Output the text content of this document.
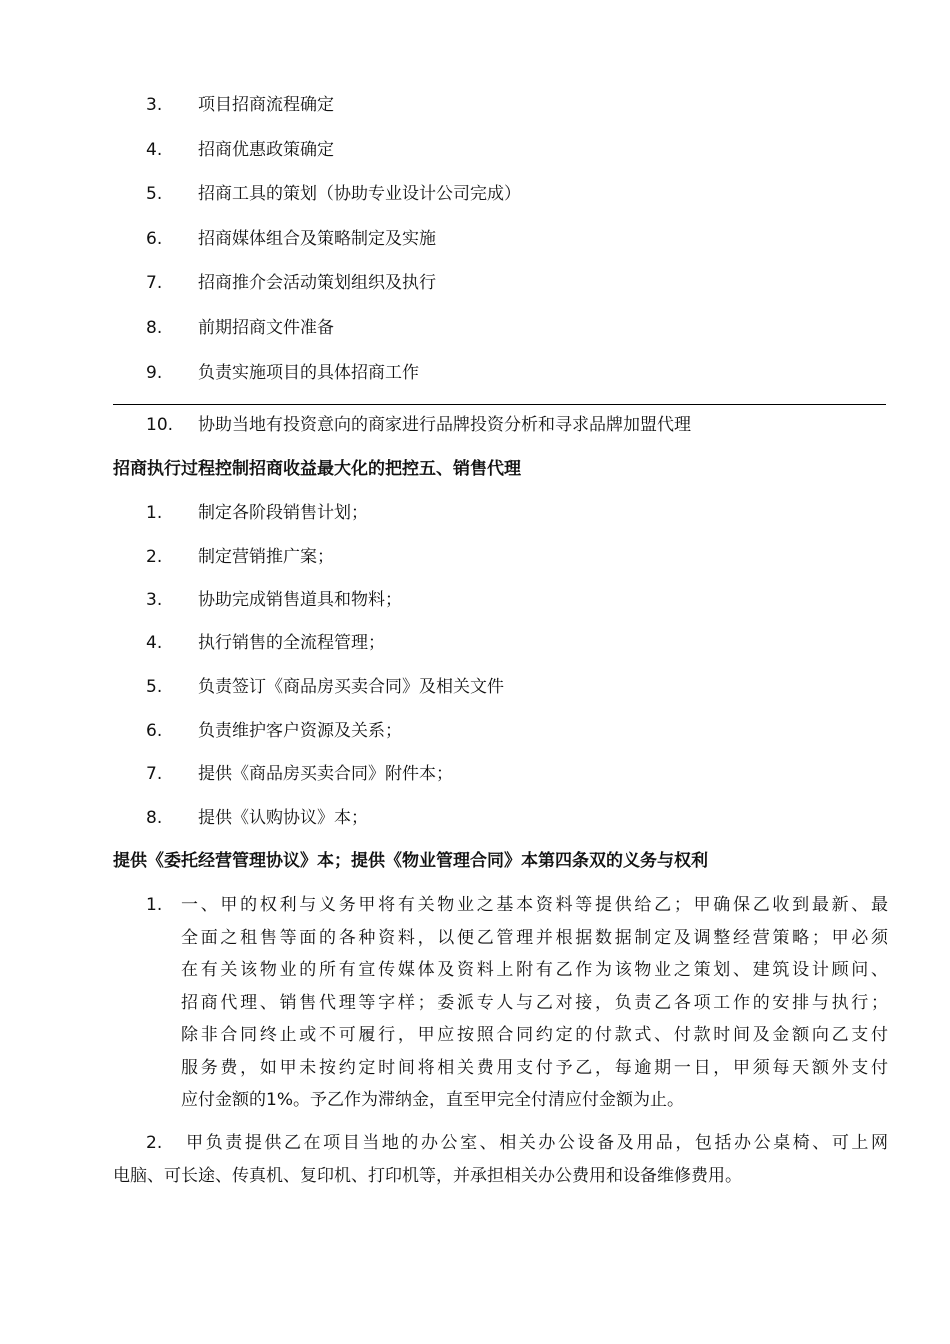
3. 项目招商流程确定
4. 招商优惠政策确定
5. 招商工具的策划（协助专业设计公司完成）
6. 招商媒体组合及策略制定及实施
7. 招商推介会活动策划组织及执行
8. 前期招商文件准备
9. 负责实施项目的具体招商工作
10. 协助当地有投资意向的商家进行品牌投资分析和寻求品牌加盟代理
招商执行过程控制招商收益最大化的把控五、销售代理
1. 制定各阶段销售计划；
2. 制定营销推广案；
3. 协助完成销售道具和物料；
4. 执行销售的全流程管理；
5. 负责签订《商品房买卖合同》及相关文件
6. 负责维护客户资源及关系；
7. 提供《商品房买卖合同》附件本；
8. 提供《认购协议》本；
提供《委托经营管理协议》本；提供《物业管理合同》本第四条双的义务与权利
1. 一、甲的权利与义务甲将有关物业之基本资料等提供给乙；甲确保乙收到最新、最
全面之租售等面的各种资料，以便乙管理并根据数据制定及调整经营策略；甲必须
在有关该物业的所有宣传媒体及资料上附有乙作为该物业之策划、建筑设计顾问、
招商代理、销售代理等字样；委派专人与乙对接，负责乙各项工作的安排与执行；
除非合同终止或不可履行，甲应按照合同约定的付款式、付款时间及金额向乙支付
服务费，如甲未按约定时间将相关费用支付予乙，每逾期一日，甲须每天额外支付
应付金额的1%。予乙作为滞纳金，直至甲完全付清应付金额为止。
2. 甲负责提供乙在项目当地的办公室、相关办公设备及用品，包括办公桌椅、可上网
电脑、可长途、传真机、复印机、打印机等，并承担相关办公费用和设备维修费用。
